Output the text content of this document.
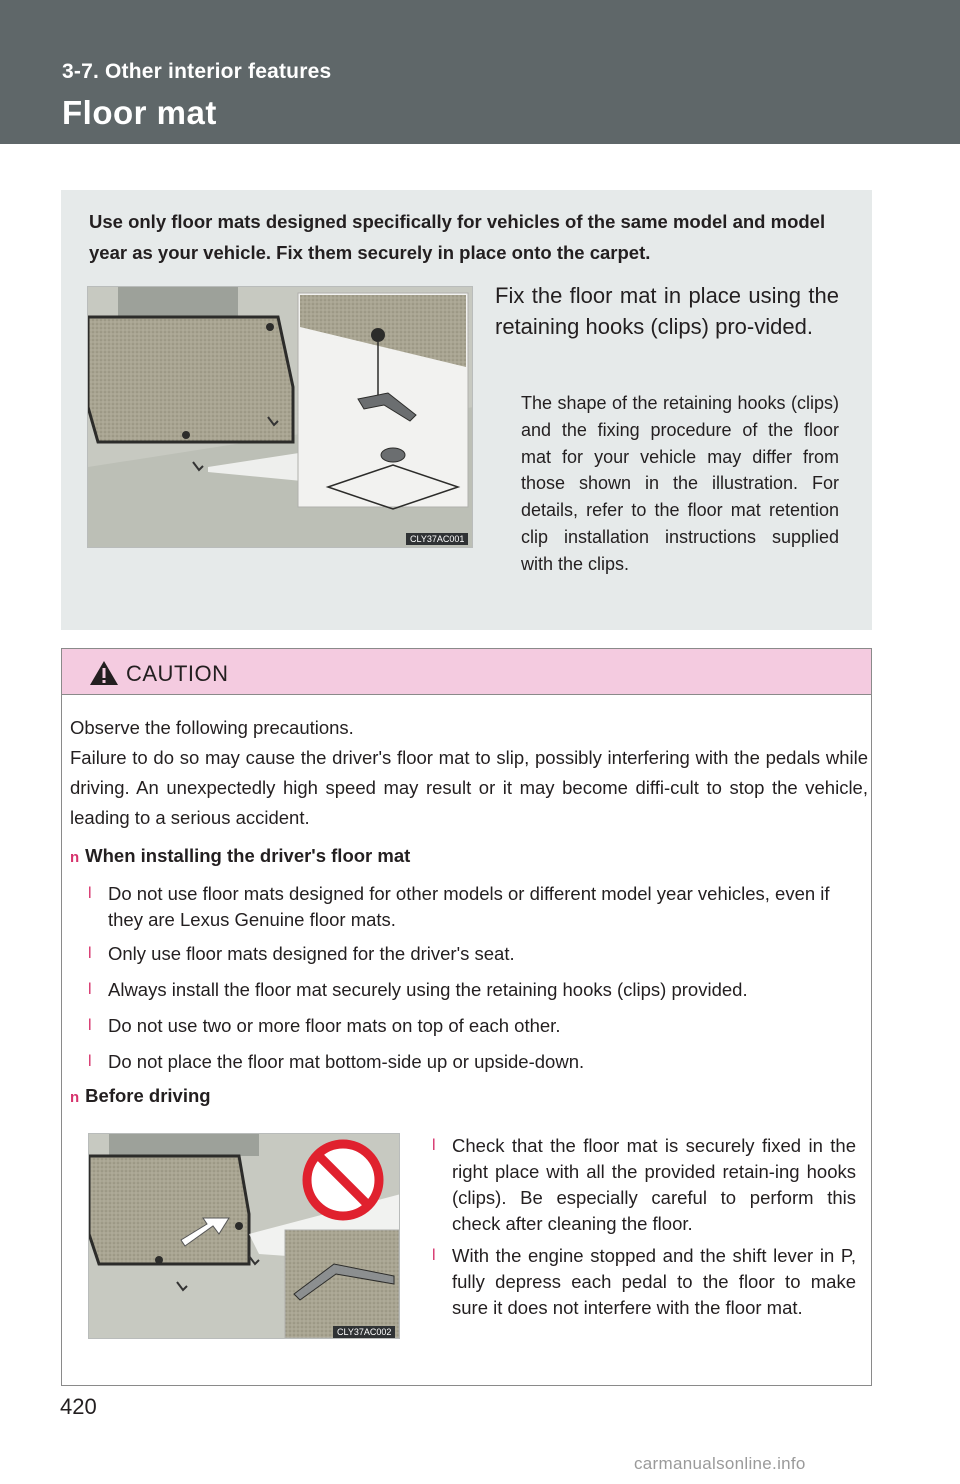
3-7. Other interior features
Floor mat
Use only floor mats designed specifically for vehicles of the same model and model year as your vehicle. Fix them securely in place onto the carpet.
CLY37AC001
Fix the floor mat in place using the retaining hooks (clips) pro-vided.
The shape of the retaining hooks (clips) and the fixing procedure of the floor mat for your vehicle may differ from those shown in the illustration. For details, refer to the floor mat retention clip installation instructions supplied with the clips.
CAUTION
Observe the following precautions.
Failure to do so may cause the driver's floor mat to slip, possibly interfering with the pedals while driving. An unexpectedly high speed may result or it may become diffi-cult to stop the vehicle, leading to a serious accident.
n When installing the driver's floor mat
l Do not use floor mats designed for other models or different model year vehicles, even if they are Lexus Genuine floor mats.
l Only use floor mats designed for the driver's seat.
l Always install the floor mat securely using the retaining hooks (clips) provided.
l Do not use two or more floor mats on top of each other.
l Do not place the floor mat bottom-side up or upside-down.
n Before driving
CLY37AC002
l Check that the floor mat is securely fixed in the right place with all the provided retain-ing hooks (clips). Be especially careful to perform this check after cleaning the floor.
l With the engine stopped and the shift lever in P, fully depress each pedal to the floor to make sure it does not interfere with the floor mat.
420
carmanualsonline.info
